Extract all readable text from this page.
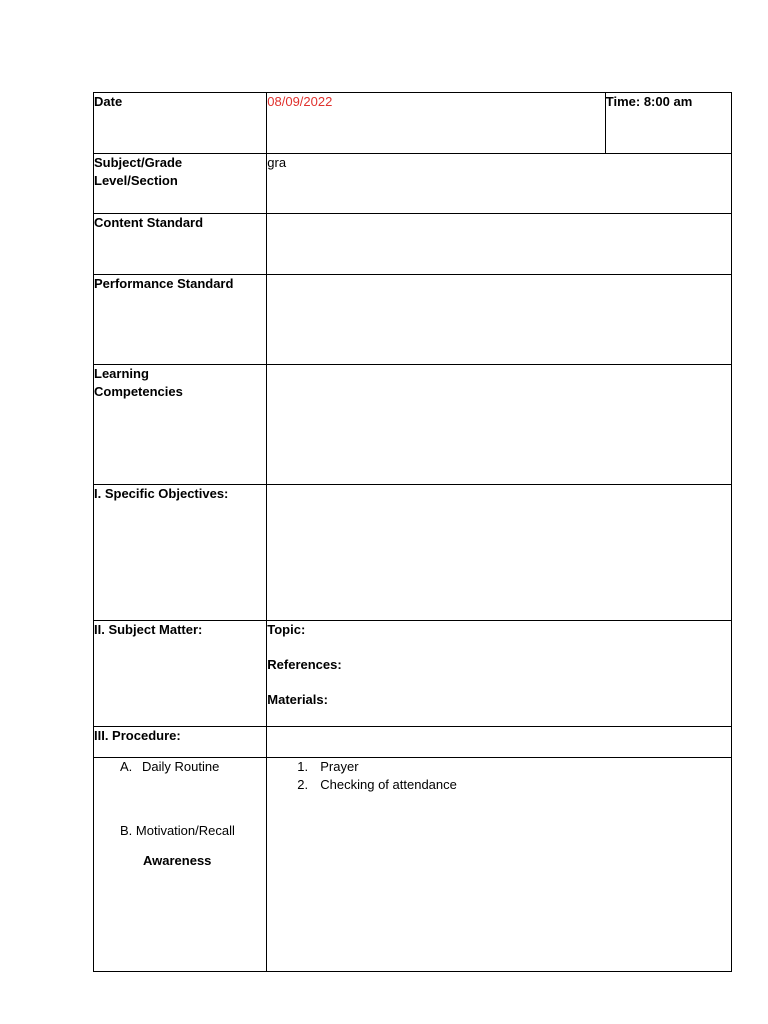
Date	08/09/2022	Time: 8:00 am

Subject/Grade
Level/Section	gra	
Content Standard		
Performance Standard		

Learning
Competencies		

I. Specific Objectives:		
II. Subject Matter:	Topic:
References:
Materials:	

III. Procedure:		

A. Daily Routine
B. Motivation/Recall
Awareness	1. Prayer
2. Checking of attendance	
